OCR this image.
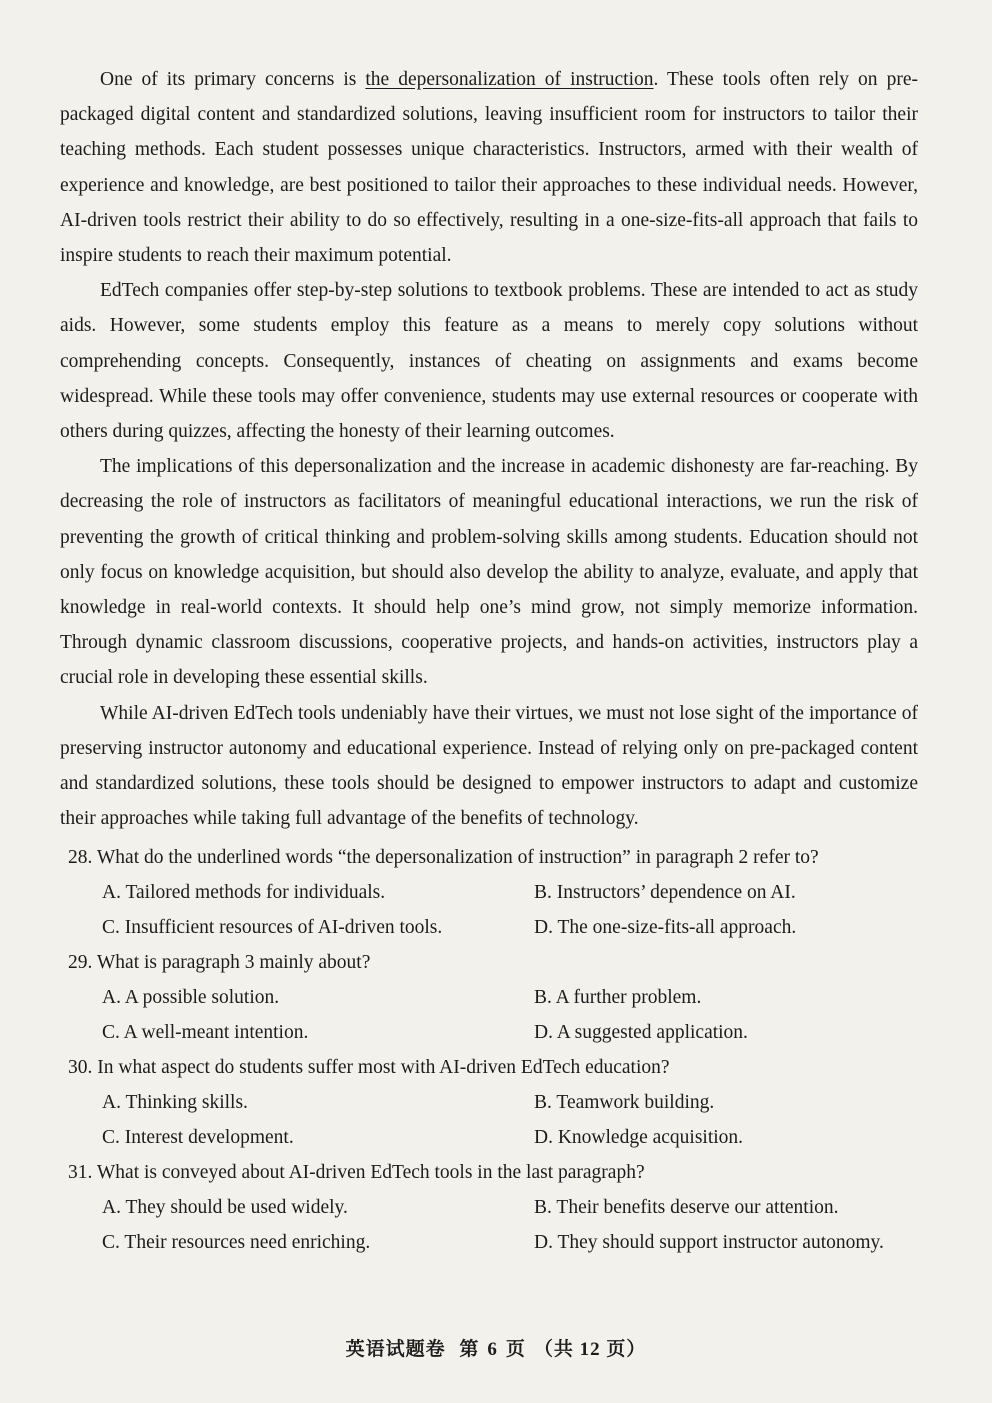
One of its primary concerns is the depersonalization of instruction. These tools often rely on pre-packaged digital content and standardized solutions, leaving insufficient room for instructors to tailor their teaching methods. Each student possesses unique characteristics. Instructors, armed with their wealth of experience and knowledge, are best positioned to tailor their approaches to these individual needs. However, AI-driven tools restrict their ability to do so effectively, resulting in a one-size-fits-all approach that fails to inspire students to reach their maximum potential.

EdTech companies offer step-by-step solutions to textbook problems. These are intended to act as study aids. However, some students employ this feature as a means to merely copy solutions without comprehending concepts. Consequently, instances of cheating on assignments and exams become widespread. While these tools may offer convenience, students may use external resources or cooperate with others during quizzes, affecting the honesty of their learning outcomes.

The implications of this depersonalization and the increase in academic dishonesty are far-reaching. By decreasing the role of instructors as facilitators of meaningful educational interactions, we run the risk of preventing the growth of critical thinking and problem-solving skills among students. Education should not only focus on knowledge acquisition, but should also develop the ability to analyze, evaluate, and apply that knowledge in real-world contexts. It should help one’s mind grow, not simply memorize information. Through dynamic classroom discussions, cooperative projects, and hands-on activities, instructors play a crucial role in developing these essential skills.

While AI-driven EdTech tools undeniably have their virtues, we must not lose sight of the importance of preserving instructor autonomy and educational experience. Instead of relying only on pre-packaged content and standardized solutions, these tools should be designed to empower instructors to adapt and customize their approaches while taking full advantage of the benefits of technology.

28. What do the underlined words “the depersonalization of instruction” in paragraph 2 refer to?

A. Tailored methods for individuals.	B. Instructors’ dependence on AI.
C. Insufficient resources of AI-driven tools.	D. The one-size-fits-all approach.

29. What is paragraph 3 mainly about?

A. A possible solution.	B. A further problem.
C. A well-meant intention.	D. A suggested application.

30. In what aspect do students suffer most with AI-driven EdTech education?

A. Thinking skills.	B. Teamwork building.
C. Interest development.	D. Knowledge acquisition.

31. What is conveyed about AI-driven EdTech tools in the last paragraph?

A. They should be used widely.	B. Their benefits deserve our attention.
C. Their resources need enriching.	D. They should support instructor autonomy.
英语试题卷 第 6 页 （共 12 页）
